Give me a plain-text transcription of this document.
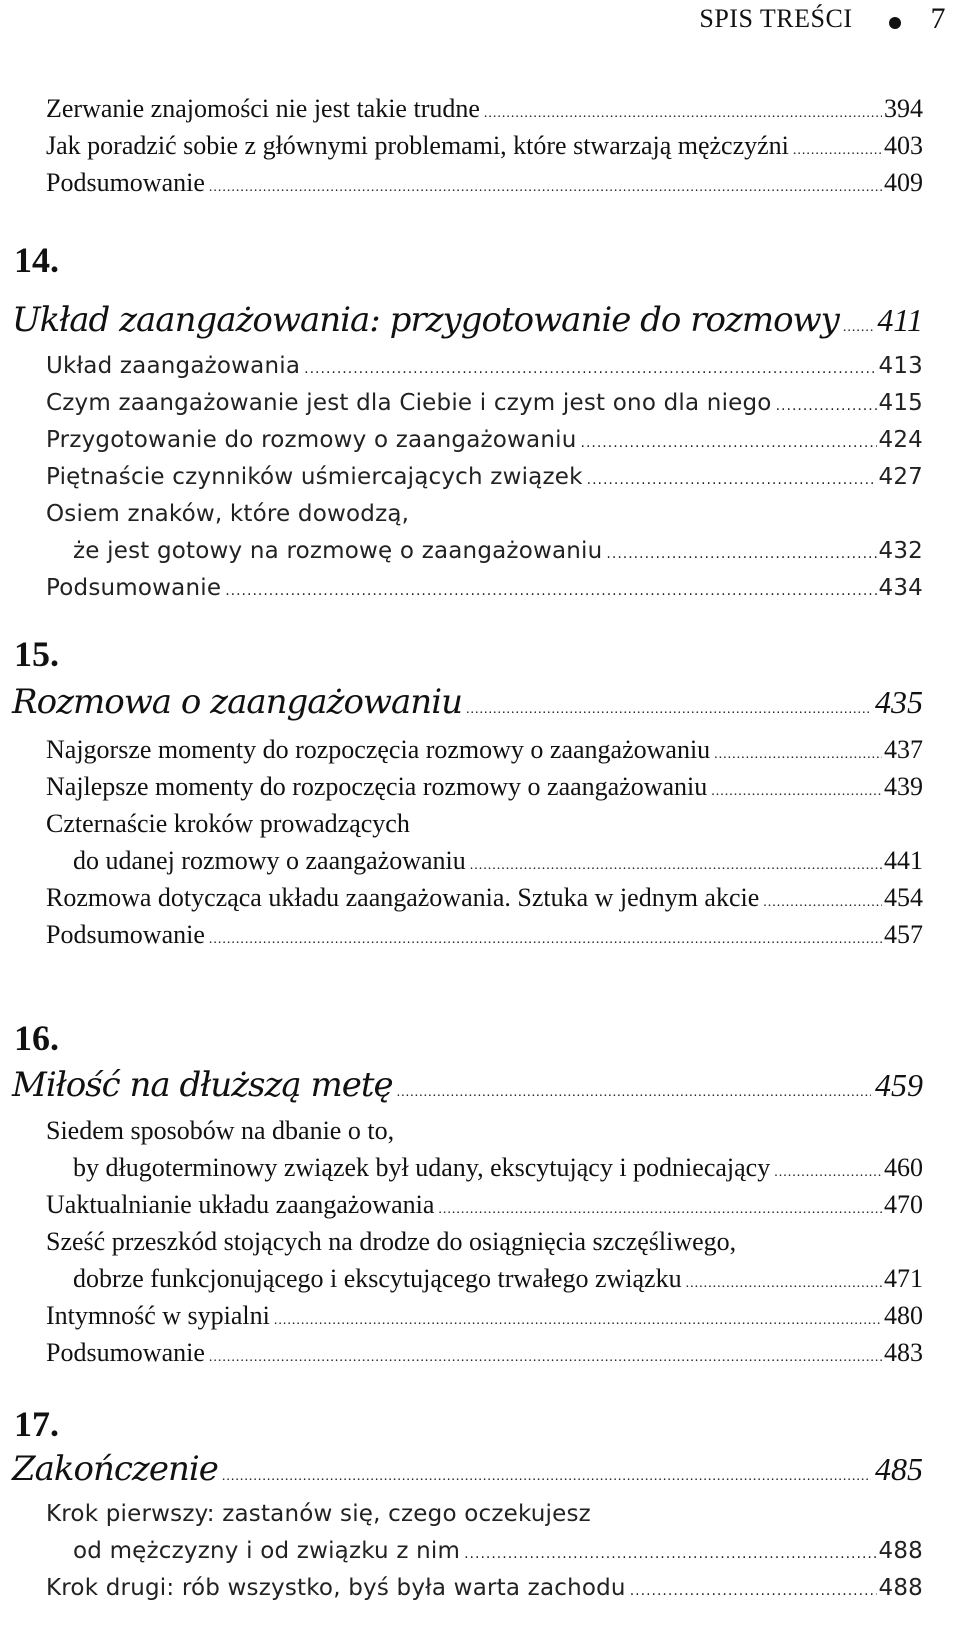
SPIS TREŚCI	7
Zerwanie znajomości nie jest takie trudne .....	394
Jak poradzić sobie z głównymi problemami, które stwarzają mężczyźni .....	403
Podsumowanie .....	409
14.
Układ zaangażowania: przygotowanie do rozmowy ..... 411
Układ zaangażowania .....	413
Czym zaangażowanie jest dla Ciebie i czym jest ono dla niego .....	415
Przygotowanie do rozmowy o zaangażowaniu .....	424
Piętnaście czynników uśmiercających związek .....	427
Osiem znaków, które dowodzą,
że jest gotowy na rozmowę o zaangażowaniu .....	432
Podsumowanie .....	434
15.
Rozmowa o zaangażowaniu .....	435
Najgorsze momenty do rozpoczęcia rozmowy o zaangażowaniu .....	437
Najlepsze momenty do rozpoczęcia rozmowy o zaangażowaniu .....	439
Czternaście kroków prowadzących
do udanej rozmowy o zaangażowaniu .....	441
Rozmowa dotycząca układu zaangażowania. Sztuka w jednym akcie .....	454
Podsumowanie .....	457
16.
Miłość na dłuższą metę .....	459
Siedem sposobów na dbanie o to,
by długoterminowy związek był udany, ekscytujący i podniecający .....	460
Uaktualnianie układu zaangażowania .....	470
Sześć przeszkód stojących na drodze do osiągnięcia szczęśliwego,
dobrze funkcjonującego i ekscytującego trwałego związku .....	471
Intymność w sypialni .....	480
Podsumowanie .....	483
17.
Zakończenie .....	485
Krok pierwszy: zastanów się, czego oczekujesz
od mężczyzny i od związku z nim .....	488
Krok drugi: rób wszystko, byś była warta zachodu .....	488
